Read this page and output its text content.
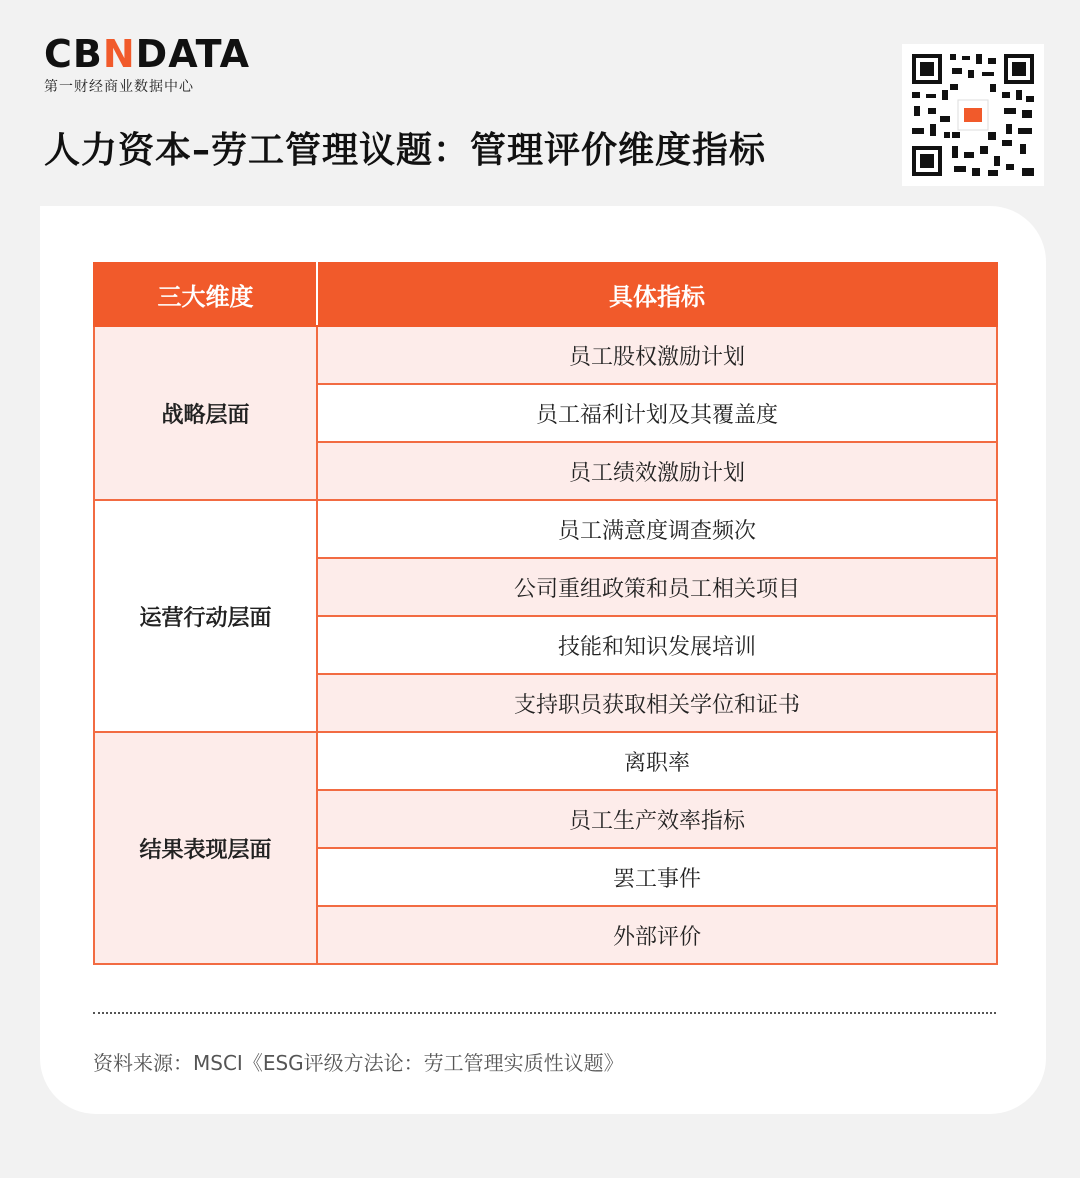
CBNDATA
第一财经商业数据中心
人力资本–劳工管理议题：管理评价维度指标
三大维度	具体指标
战略层面	员工股权激励计划
	员工福利计划及其覆盖度
	员工绩效激励计划
运营行动层面	员工满意度调查频次
	公司重组政策和员工相关项目
	技能和知识发展培训
	支持职员获取相关学位和证书
结果表现层面	离职率
	员工生产效率指标
	罢工事件
	外部评价
资料来源：MSCI《ESG评级方法论：劳工管理实质性议题》
